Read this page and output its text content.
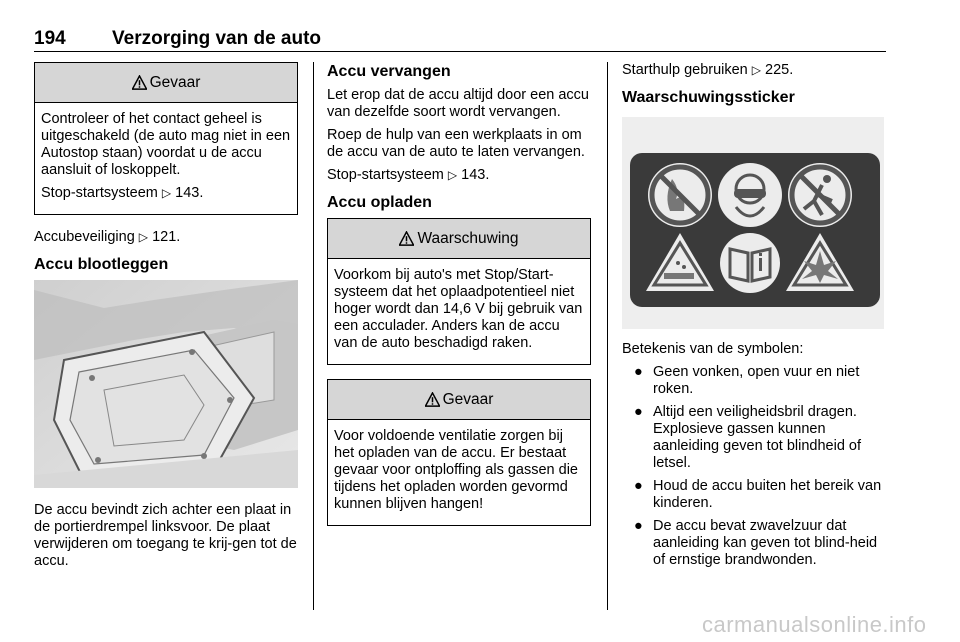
194 Verzorging van de auto
Gevaar

Controleer of het contact geheel is uitgeschakeld (de auto mag niet in een Autostop staan) voordat u de accu aansluit of loskoppelt.

Stop-startsysteem ▷ 143.

Accubeveiliging ▷ 121.

Accu blootleggen

De accu bevindt zich achter een plaat in de portierdrempel linksvoor. De plaat verwijderen om toegang te krij-gen tot de accu.

Accu vervangen

Let erop dat de accu altijd door een accu van dezelfde soort wordt vervangen.

Roep de hulp van een werkplaats in om de accu van de auto te laten vervangen.

Stop-startsysteem ▷ 143.

Accu opladen
Waarschuwing

Voorkom bij auto's met Stop/Start-systeem dat het oplaadpotentieel niet hoger wordt dan 14,6 V bij gebruik van een acculader. Anders kan de accu van de auto beschadigd raken.

Gevaar

Voor voldoende ventilatie zorgen bij het opladen van de accu. Er bestaat gevaar voor ontploffing als gassen die tijdens het opladen worden gevormd kunnen blijven hangen!

Starthulp gebruiken ▷ 225.

Waarschuwingssticker

Betekenis van de symbolen:

● Geen vonken, open vuur en niet roken.
● Altijd een veiligheidsbril dragen. Explosieve gassen kunnen aanleiding geven tot blindheid of letsel.
● Houd de accu buiten het bereik van kinderen.
● De accu bevat zwavelzuur dat aanleiding kan geven tot blind-heid of ernstige brandwonden.
carmanualsonline.info
